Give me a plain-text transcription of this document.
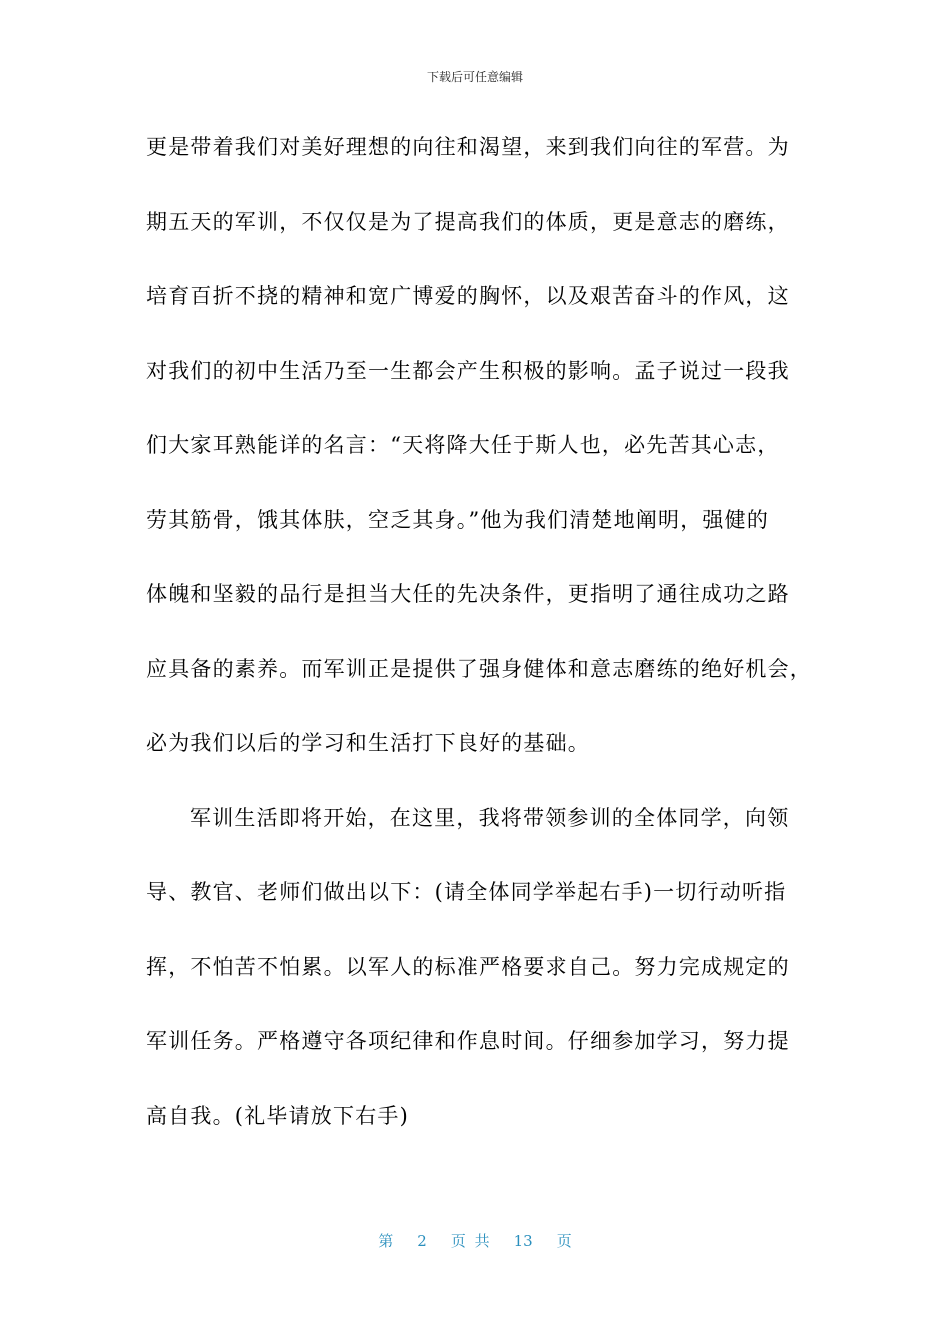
下载后可任意编辑
更是带着我们对美好理想的向往和渴望，来到我们向往的军营。为
期五天的军训，不仅仅是为了提高我们的体质，更是意志的磨练，
培育百折不挠的精神和宽广博爱的胸怀，以及艰苦奋斗的作风，这
对我们的初中生活乃至一生都会产生积极的影响。孟子说过一段我
们大家耳熟能详的名言：“天将降大任于斯人也，必先苦其心志，
劳其筋骨，饿其体肤，空乏其身。”他为我们清楚地阐明，强健的
体魄和坚毅的品行是担当大任的先决条件，更指明了通往成功之路
应具备的素养。而军训正是提供了强身健体和意志磨练的绝好机会，
必为我们以后的学习和生活打下良好的基础。
军训生活即将开始，在这里，我将带领参训的全体同学，向领
导、教官、老师们做出以下：(请全体同学举起右手)一切行动听指
挥，不怕苦不怕累。以军人的标准严格要求自己。努力完成规定的
军训任务。严格遵守各项纪律和作息时间。仔细参加学习，努力提
高自我。(礼毕请放下右手)
第 2 页 共 13 页
